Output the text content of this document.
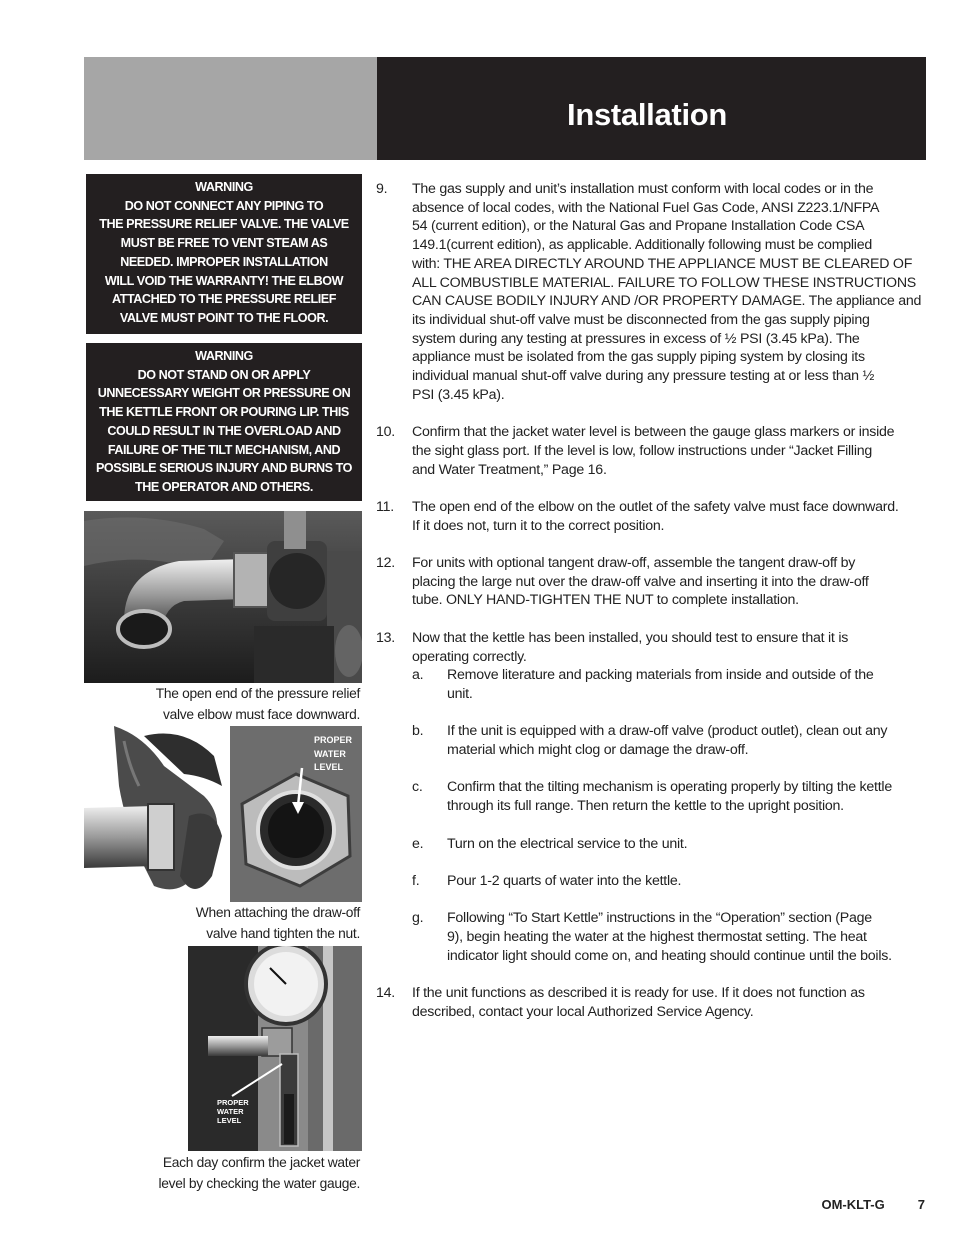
Installation
WARNING
DO NOT CONNECT ANY PIPING TO
THE PRESSURE RELIEF VALVE. THE VALVE
MUST BE FREE TO VENT STEAM AS
NEEDED. IMPROPER INSTALLATION
WILL VOID THE WARRANTY! THE ELBOW
ATTACHED TO THE PRESSURE RELIEF
VALVE MUST POINT TO THE FLOOR.
WARNING
DO NOT STAND ON OR APPLY
UNNECESSARY WEIGHT OR PRESSURE ON
THE KETTLE FRONT OR POURING LIP. THIS
COULD RESULT IN THE OVERLOAD AND
FAILURE OF THE TILT MECHANISM, AND
POSSIBLE SERIOUS INJURY AND BURNS TO
THE OPERATOR AND OTHERS.
The open end of the pressure relief
valve elbow must face downward.
PROPER
WATER
LEVEL
When attaching the draw-off
valve hand tighten the nut.
PROPER
WATER
LEVEL
Each day confirm the jacket water
level by checking the water gauge.
9. The gas supply and unit’s installation must conform with local codes or in the
absence of local codes, with the National Fuel Gas Code, ANSI Z223.1/NFPA
54 (current edition), or the Natural Gas and Propane Installation Code CSA
149.1(current edition), as applicable. Additionally following must be complied
with: THE AREA DIRECTLY AROUND THE APPLIANCE MUST BE CLEARED OF
ALL COMBUSTIBLE MATERIAL. FAILURE TO FOLLOW THESE INSTRUCTIONS
CAN CAUSE BODILY INJURY AND /OR PROPERTY DAMAGE. The appliance and
its individual shut-off valve must be disconnected from the gas supply piping
system during any testing at pressures in excess of ½ PSI (3.45 kPa). The
appliance must be isolated from the gas supply piping system by closing its
individual manual shut-off valve during any pressure testing at or less than ½
PSI (3.45 kPa).
10. Confirm that the jacket water level is between the gauge glass markers or inside
the sight glass port. If the level is low, follow instructions under “Jacket Filling
and Water Treatment,” Page 16.
11. The open end of the elbow on the outlet of the safety valve must face downward.
If it does not, turn it to the correct position.
12. For units with optional tangent draw-off, assemble the tangent draw-off by
placing the large nut over the draw-off valve and inserting it into the draw-off
tube. ONLY HAND-TIGHTEN THE NUT to complete installation.
13. Now that the kettle has been installed, you should test to ensure that it is
operating correctly.
a. Remove literature and packing materials from inside and outside of the
unit.
b. If the unit is equipped with a draw-off valve (product outlet), clean out any
material which might clog or damage the draw-off.
c. Confirm that the tilting mechanism is operating properly by tilting the kettle
through its full range. Then return the kettle to the upright position.
e. Turn on the electrical service to the unit.
f. Pour 1-2 quarts of water into the kettle.
g. Following “To Start Kettle” instructions in the “Operation” section (Page
9), begin heating the water at the highest thermostat setting. The heat
indicator light should come on, and heating should continue until the boils.
14. If the unit functions as described it is ready for use. If it does not function as
described, contact your local Authorized Service Agency.
OM-KLT-G	7
